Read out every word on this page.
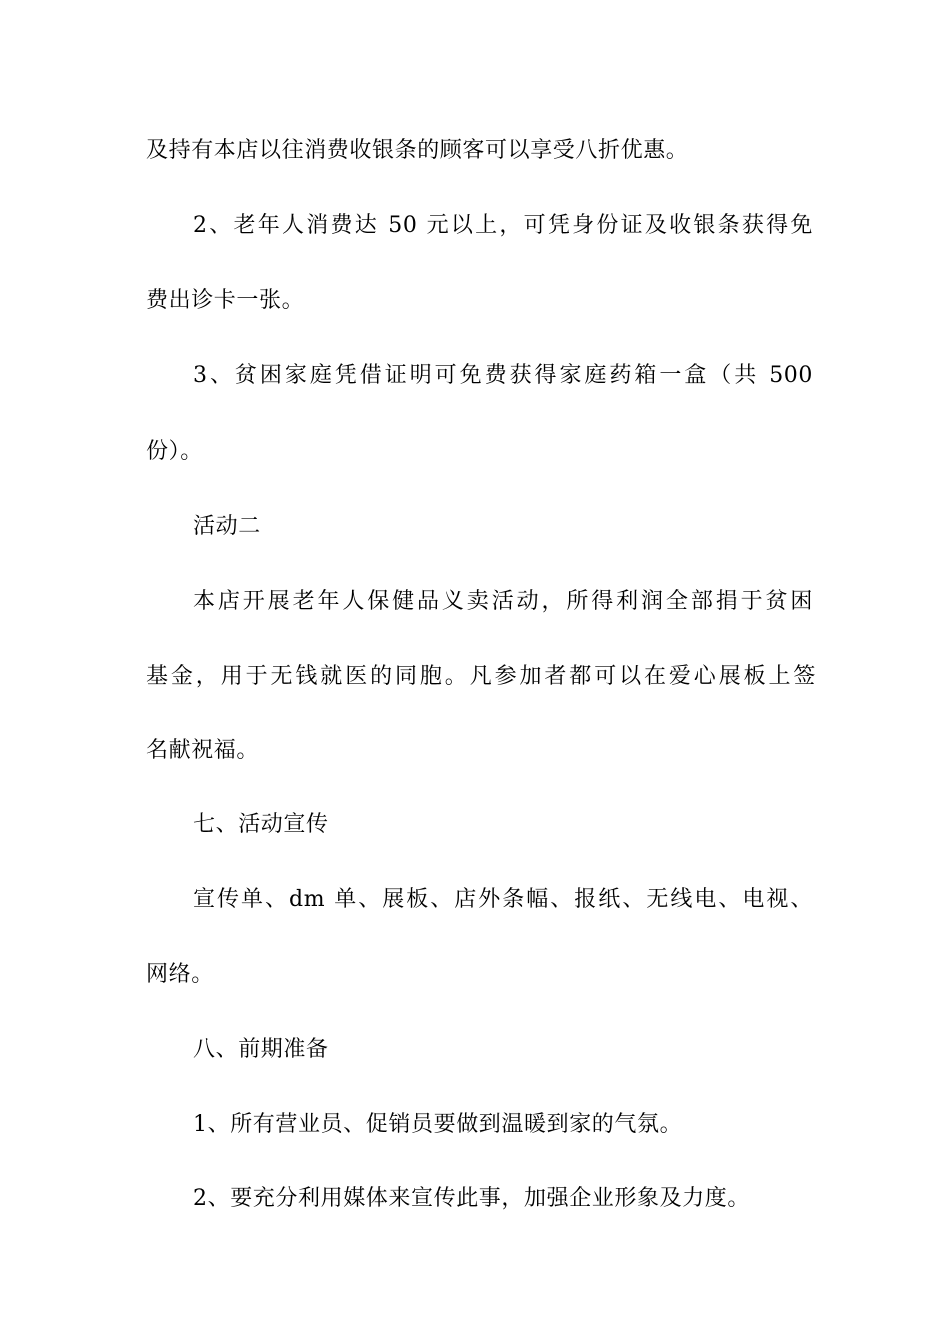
及持有本店以往消费收银条的顾客可以享受八折优惠。
2、老年人消费达 50 元以上，可凭身份证及收银条获得免
费出诊卡一张。
3、贫困家庭凭借证明可免费获得家庭药箱一盒（共 500
份）。
活动二
本店开展老年人保健品义卖活动，所得利润全部捐于贫困
基金，用于无钱就医的同胞。凡参加者都可以在爱心展板上签
名献祝福。
七、活动宣传
宣传单、dm 单、展板、店外条幅、报纸、无线电、电视、
网络。
八、前期准备
1、所有营业员、促销员要做到温暖到家的气氛。
2、要充分利用媒体来宣传此事，加强企业形象及力度。
